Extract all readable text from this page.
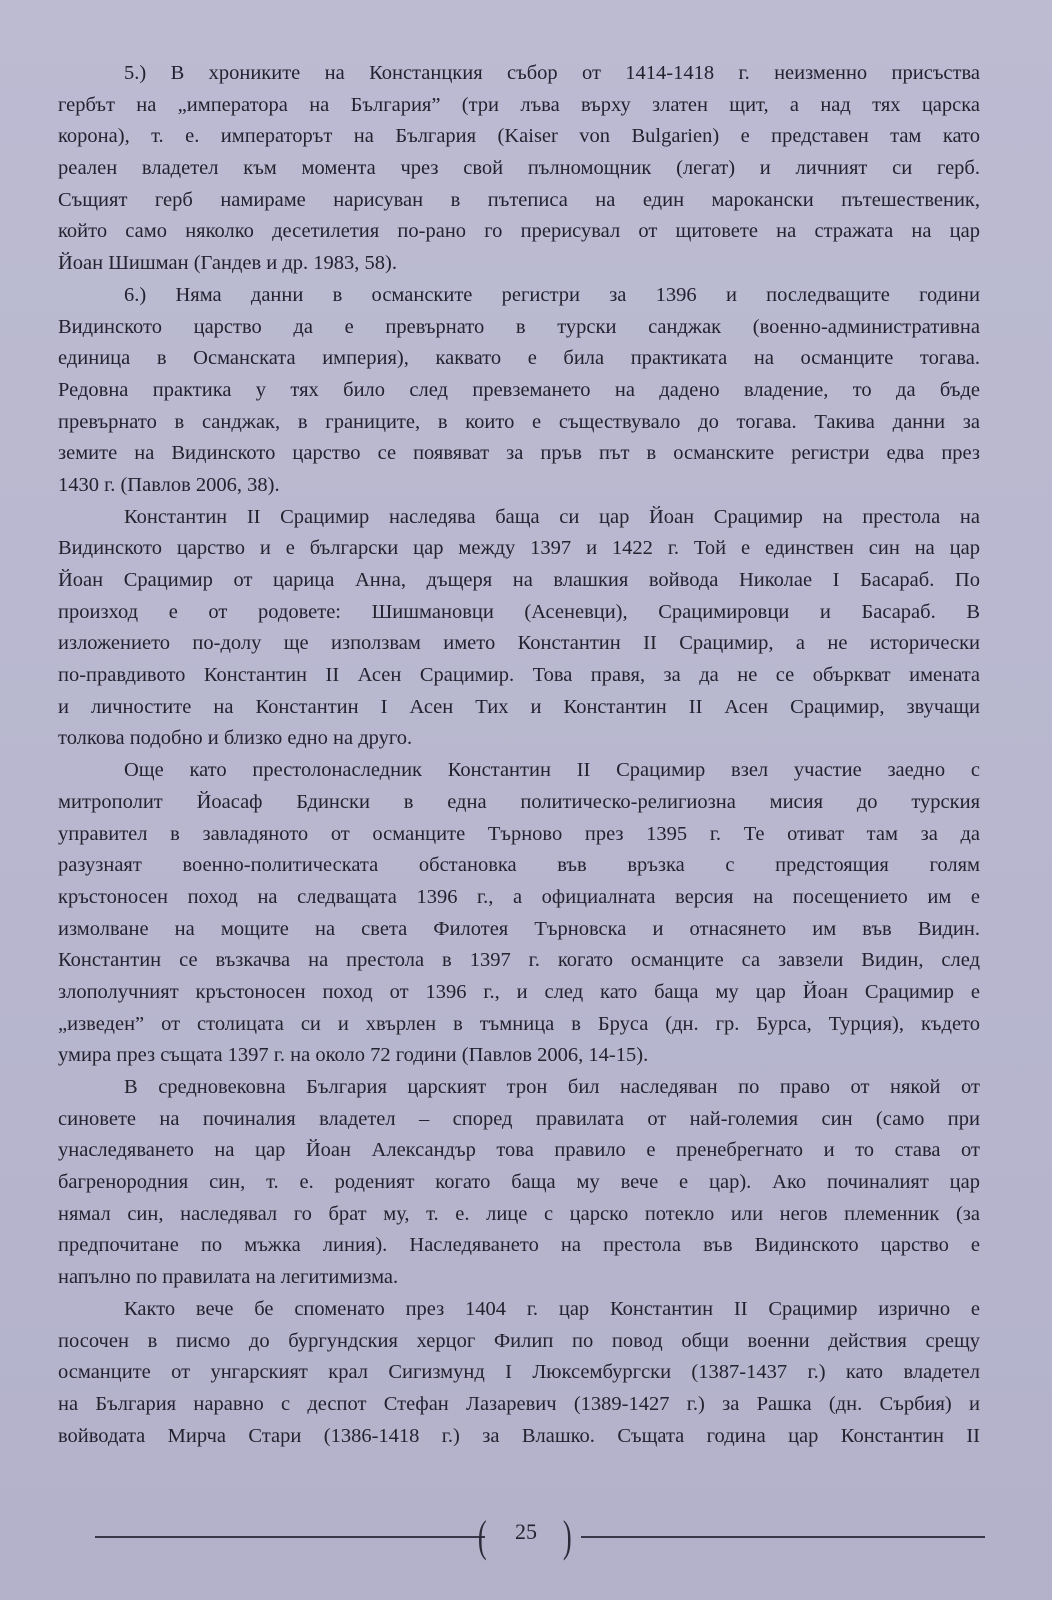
5.) В хрониките на Констанцкия събор от 1414-1418 г. неизменно присъства
гербът на „императора на България” (три лъва върху златен щит, а над тях царска
корона), т. е. императорът на България (Kaiser von Bulgarien) е представен там като
реален владетел към момента чрез свой пълномощник (легат) и личният си герб.
Същият герб намираме нарисуван в пътеписа на един марокански пътешественик,
който само няколко десетилетия по-рано го прерисувал от щитовете на стражата на цар
Йоан Шишман (Гандев и др. 1983, 58).
6.) Няма данни в османските регистри за 1396 и последващите години
Видинското царство да е превърнато в турски санджак (военно-административна
единица в Османската империя), каквато е била практиката на османците тогава.
Редовна практика у тях било след превземането на дадено владение, то да бъде
превърнато в санджак, в границите, в които е съществувало до тогава. Такива данни за
земите на Видинското царство се появяват за пръв път в османските регистри едва през
1430 г. (Павлов 2006, 38).
Константин II Срацимир наследява баща си цар Йоан Срацимир на престола на
Видинското царство и е български цар между 1397 и 1422 г. Той е единствен син на цар
Йоан Срацимир от царица Анна, дъщеря на влашкия войвода Николае I Басараб. По
произход е от родовете: Шишмановци (Асеневци), Срацимировци и Басараб. В
изложението по-долу ще използвам името Константин II Срацимир, а не исторически
по-правдивото Константин II Асен Срацимир. Това правя, за да не се объркват имената
и личностите на Константин I Асен Тих и Константин II Асен Срацимир, звучащи
толкова подобно и близко едно на друго.
Още като престолонаследник Константин II Срацимир взел участие заедно с
митрополит Йоасаф Бдински в една политическо-религиозна мисия до турския
управител в завладяното от османците Търново през 1395 г. Те отиват там за да
разузнаят военно-политическата обстановка във връзка с предстоящия голям
кръстоносен поход на следващата 1396 г., а официалната версия на посещението им е
измолване на мощите на света Филотея Търновска и отнасянето им във Видин.
Константин се възкачва на престола в 1397 г. когато османците са завзели Видин, след
злополучният кръстоносен поход от 1396 г., и след като баща му цар Йоан Срацимир е
„изведен” от столицата си и хвърлен в тъмница в Бруса (дн. гр. Бурса, Турция), където
умира през същата 1397 г. на около 72 години (Павлов 2006, 14-15).
В средновековна България царският трон бил наследяван по право от някой от
синовете на починалия владетел – според правилата от най-големия син (само при
унаследяването на цар Йоан Александър това правило е пренебрегнато и то става от
багренородния син, т. е. роденият когато баща му вече е цар). Ако починалият цар
нямал син, наследявал го брат му, т. е. лице с царско потекло или негов племенник (за
предпочитане по мъжка линия). Наследяването на престола във Видинското царство е
напълно по правилата на легитимизма.
Както вече бе споменато през 1404 г. цар Константин II Срацимир изрично е
посочен в писмо до бургундския херцог Филип по повод общи военни действия срещу
османците от унгарският крал Сигизмунд I Люксембургски (1387-1437 г.) като владетел
на България наравно с деспот Стефан Лазаревич (1389-1427 г.) за Рашка (дн. Сърбия) и
войводата Мирча Стари (1386-1418 г.) за Влашко. Същата година цар Константин II
( 25 )
